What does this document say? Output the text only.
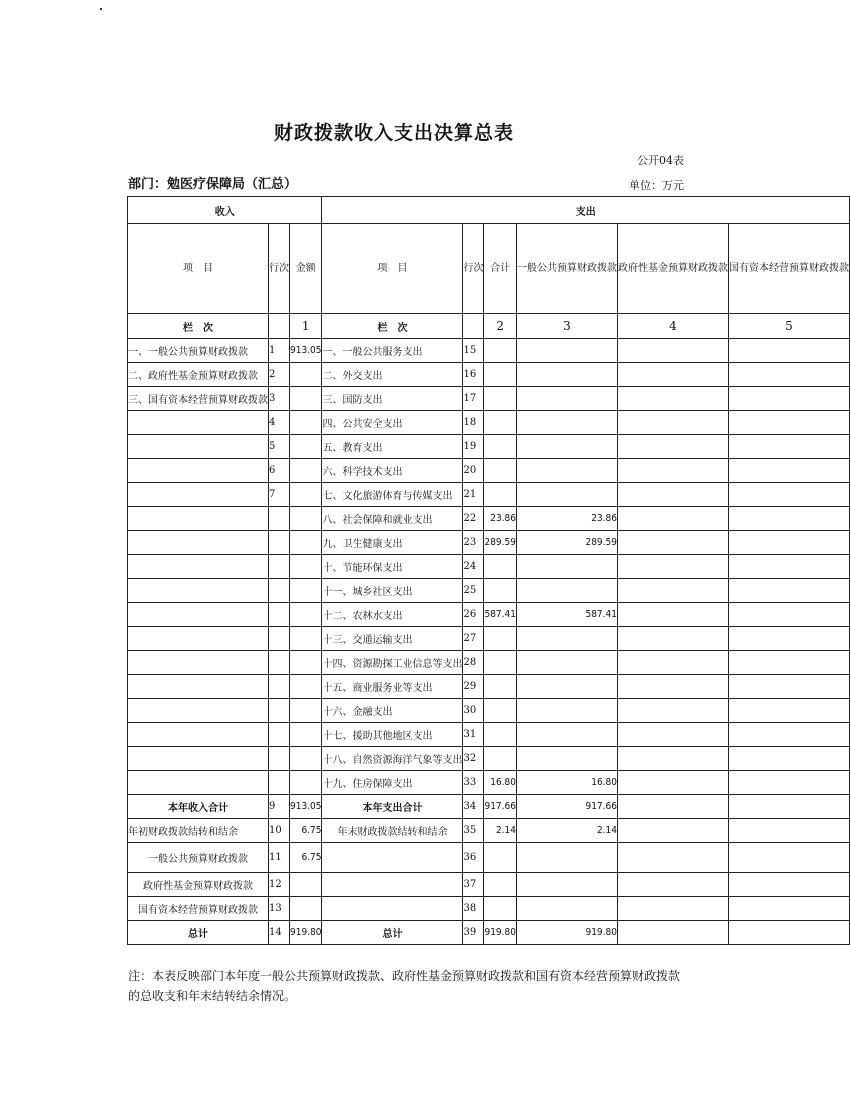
财政拨款收入支出决算总表
公开04表
部门：勉医疗保障局（汇总）	单位：万元
收入			支出					
项　目	行次	金额	项　目	行次	合计	一般公共预算财政拨款	政府性基金预算财政拨款	国有资本经营预算财政拨款
栏　次		1	栏　次		2	3	4	5
一、一般公共预算财政拨款	1	913.05	一、一般公共服务支出	15				
二、政府性基金预算财政拨款	2		二、外交支出	16				
三、国有资本经营预算财政拨款	3		三、国防支出	17				
	4		四、公共安全支出	18				
	5		五、教育支出	19				
	6		六、科学技术支出	20				
	7		七、文化旅游体育与传媒支出	21				
			八、社会保障和就业支出	22	23.86	23.86		
			九、卫生健康支出	23	289.59	289.59		
			十、节能环保支出	24				
			十一、城乡社区支出	25				
			十二、农林水支出	26	587.41	587.41		
			十三、交通运输支出	27				
			十四、资源勘探工业信息等支出	28				
			十五、商业服务业等支出	29				
			十六、金融支出	30				
			十七、援助其他地区支出	31				
			十八、自然资源海洋气象等支出	32				
			十九、住房保障支出	33	16.80	16.80		
本年收入合计	9	913.05	本年支出合计	34	917.66	917.66		
年初财政拨款结转和结余	10	6.75	年末财政拨款结转和结余	35	2.14	2.14		
一般公共预算财政拨款	11	6.75		36				
政府性基金预算财政拨款	12			37				
国有资本经营预算财政拨款	13			38				
总计	14	919.80	总计	39	919.80	919.80		
注：本表反映部门本年度一般公共预算财政拨款、政府性基金预算财政拨款和国有资本经营预算财政拨款的总收支和年末结转结余情况。
